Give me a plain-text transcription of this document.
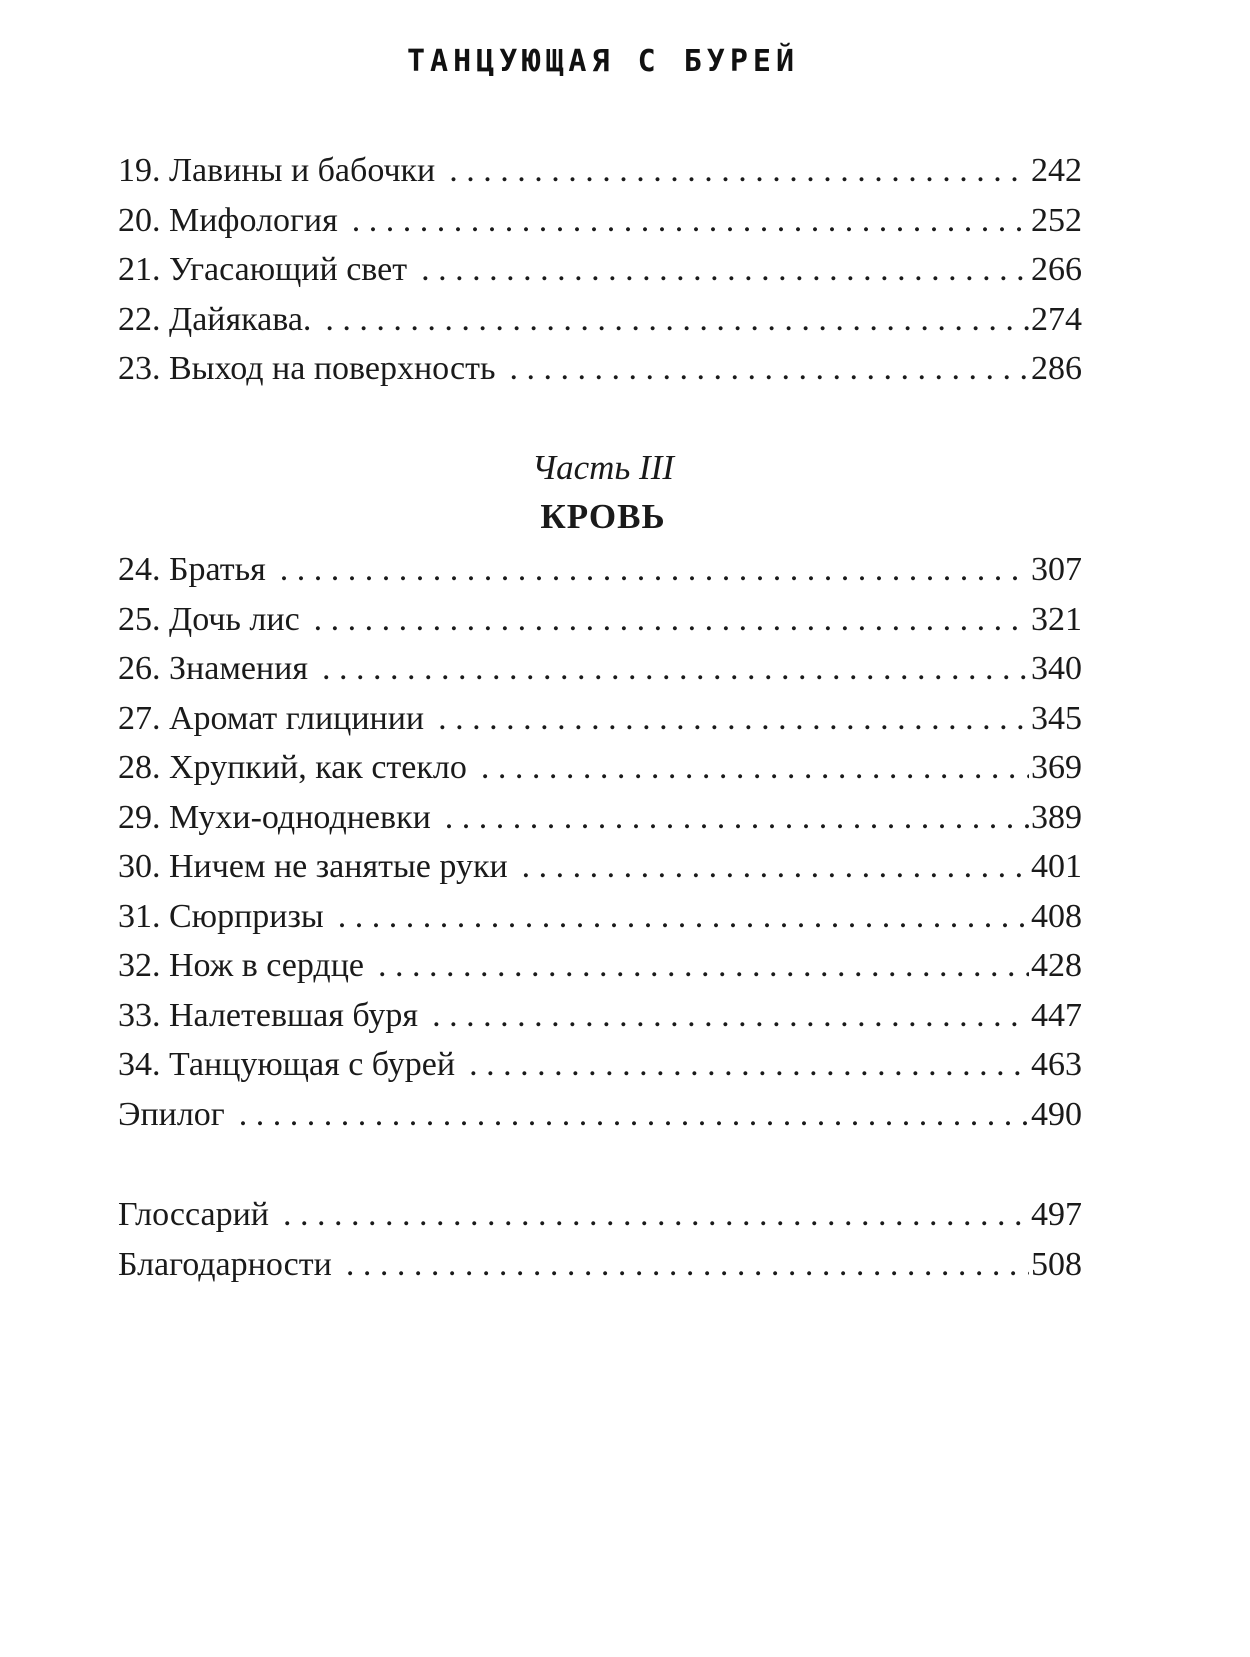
ТАНЦУЮЩАЯ С БУРЕЙ
19. Лавины и бабочки . . .	242
20. Мифология . . .	252
21. Угасающий свет . . .	266
22. Дайякава. . . .	274
23. Выход на поверхность . . .	286
Часть III
КРОВЬ
24. Братья . . .	307
25. Дочь лис . . .	321
26. Знамения . . .	340
27. Аромат глицинии . . .	345
28. Хрупкий, как стекло . . .	369
29. Мухи-однодневки . . .	389
30. Ничем не занятые руки . . .	401
31. Сюрпризы . . .	408
32. Нож в сердце . . .	428
33. Налетевшая буря . . .	447
34. Танцующая с бурей . . .	463
Эпилог . . .	490
Глоссарий . . .	497
Благодарности . . .	508
